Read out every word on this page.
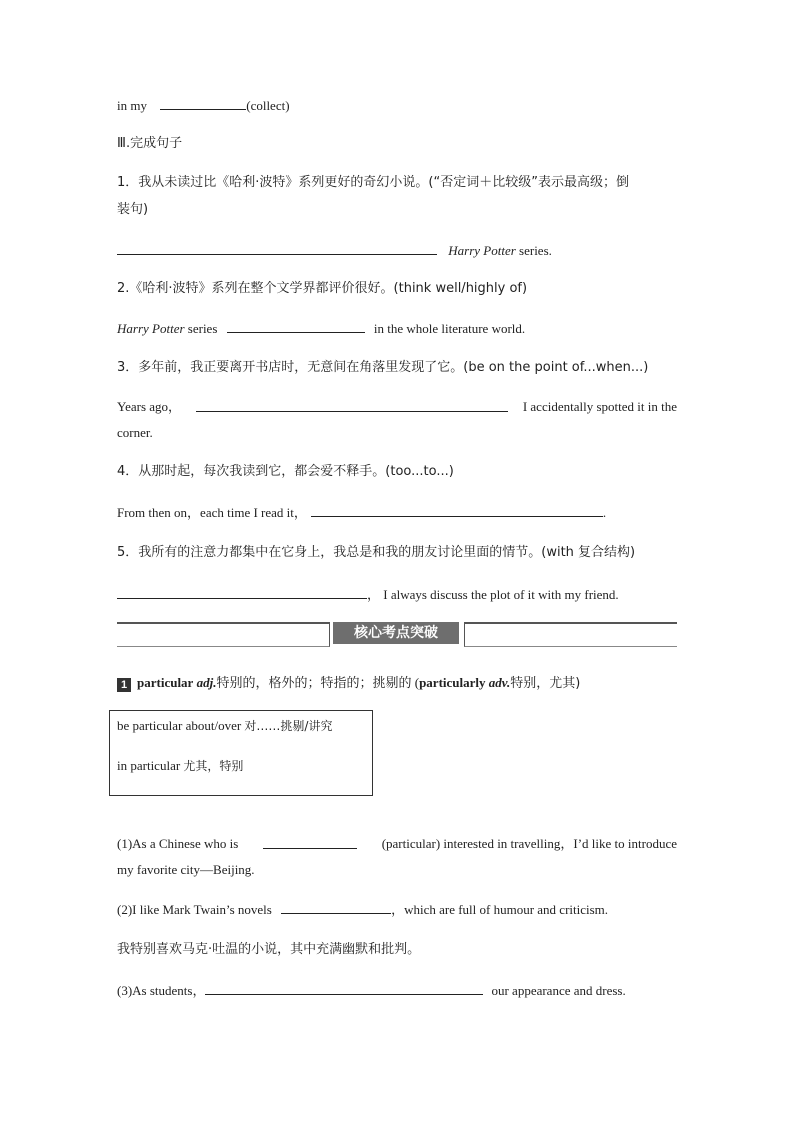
in my	(collect)
Ⅲ.完成句子
1．我从未读过比《哈利·波特》系列更好的奇幻小说。(“否定词＋比较级”表示最高级；倒
装句)
Harry Potter series.
2.《哈利·波特》系列在整个文学界都评价很好。(think well/highly of)
Harry Potter series	in the whole literature world.
3．多年前，我正要离开书店时，无意间在角落里发现了它。(be on the point of...when...)
Years ago，	I accidentally spotted it in the
corner.
4．从那时起，每次我读到它，都会爱不释手。(too...to...)
From then on，each time I read it，	.
5．我所有的注意力都集中在它身上，我总是和我的朋友讨论里面的情节。(with 复合结构)
， I always discuss the plot of it with my friend.
核心考点突破
1 particular adj.特别的，格外的；特指的；挑剔的 (particularly adv.特别，尤其)
be particular about/over 对……挑剔/讲究
in particular 尤其，特别
(1)As a Chinese who is	(particular) interested in travelling，I’d like to introduce
my favorite city—Beijing.
(2)I like Mark Twain’s novels	，which are full of humour and criticism.
我特别喜欢马克·吐温的小说，其中充满幽默和批判。
(3)As students，	our appearance and dress.
